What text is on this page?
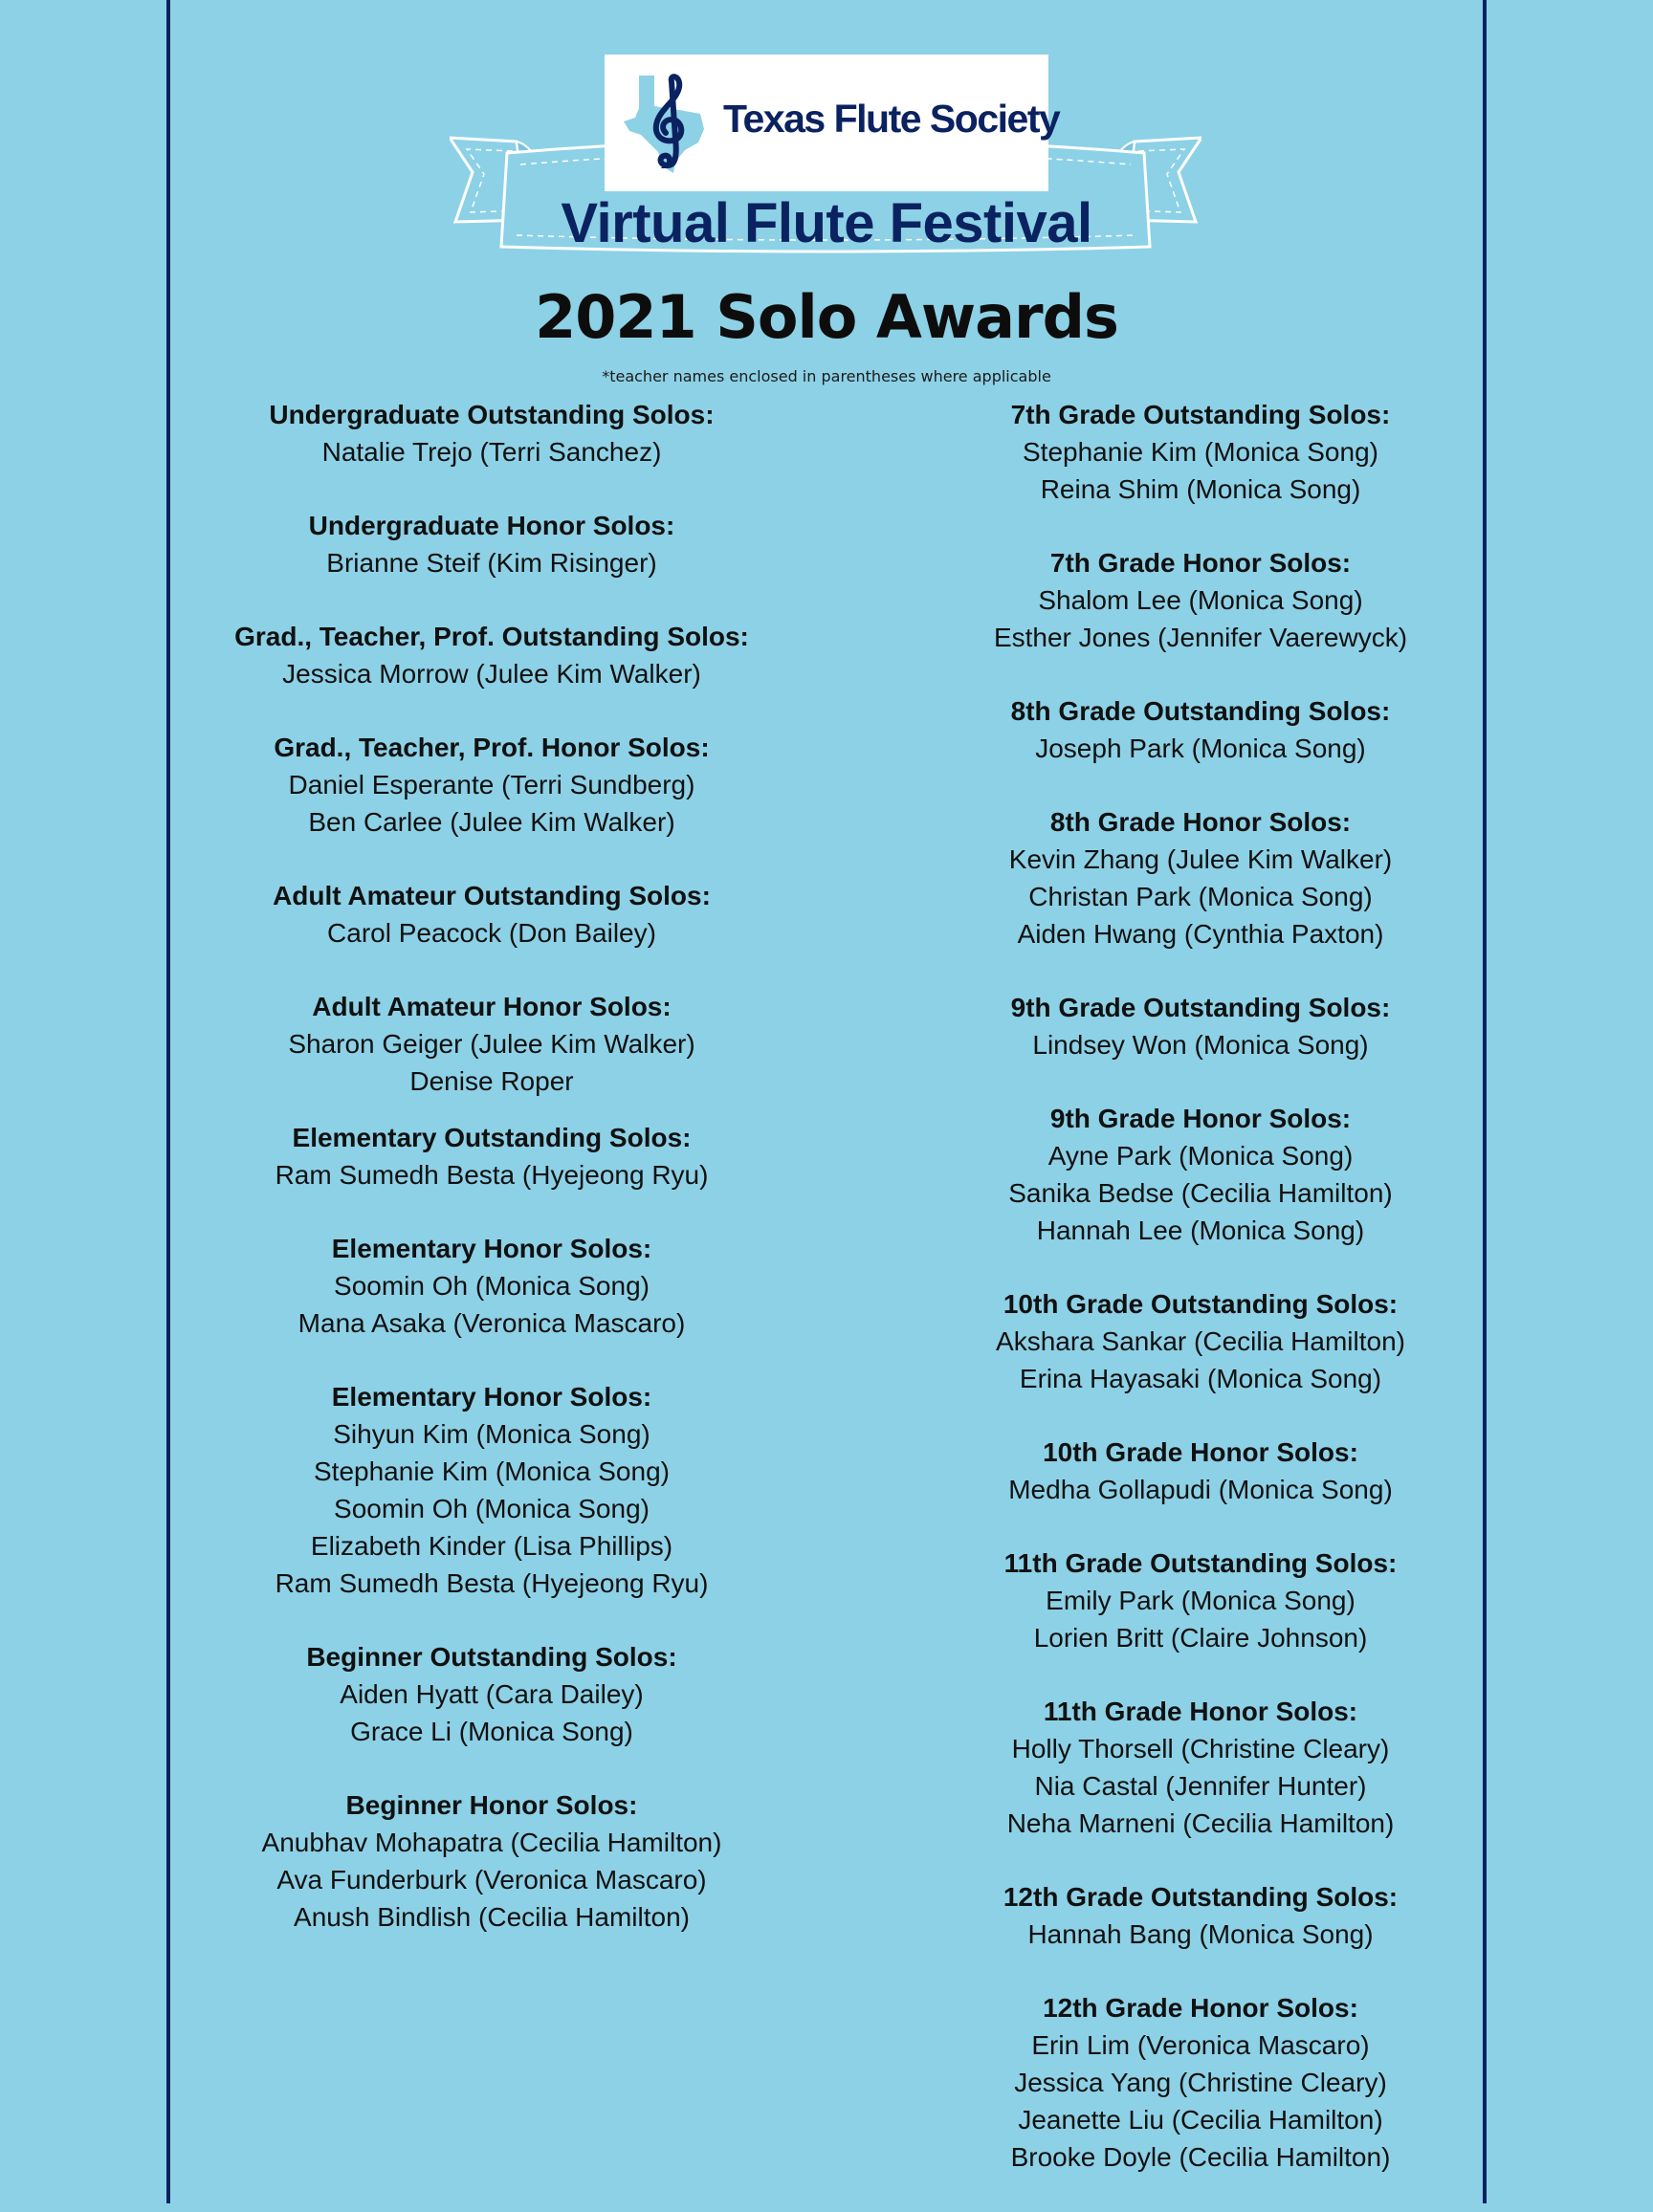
Texas Flute Society
Virtual Flute Festival
2021 Solo Awards
*teacher names enclosed in parentheses where applicable
Undergraduate Outstanding Solos:
Natalie Trejo (Terri Sanchez)
Undergraduate Honor Solos:
Brianne Steif (Kim Risinger)
Grad., Teacher, Prof. Outstanding Solos:
Jessica Morrow (Julee Kim Walker)
Grad., Teacher, Prof. Honor Solos:
Daniel Esperante (Terri Sundberg)
Ben Carlee (Julee Kim Walker)
Adult Amateur Outstanding Solos:
Carol Peacock (Don Bailey)
Adult Amateur Honor Solos:
Sharon Geiger (Julee Kim Walker)
Denise Roper
Elementary Outstanding Solos:
Ram Sumedh Besta (Hyejeong Ryu)
Elementary Honor Solos:
Soomin Oh (Monica Song)
Mana Asaka (Veronica Mascaro)
Elementary Honor Solos:
Sihyun Kim (Monica Song)
Stephanie Kim (Monica Song)
Soomin Oh (Monica Song)
Elizabeth Kinder (Lisa Phillips)
Ram Sumedh Besta (Hyejeong Ryu)
Beginner Outstanding Solos:
Aiden Hyatt (Cara Dailey)
Grace Li (Monica Song)
Beginner Honor Solos:
Anubhav Mohapatra (Cecilia Hamilton)
Ava Funderburk (Veronica Mascaro)
Anush Bindlish (Cecilia Hamilton)
7th Grade Outstanding Solos:
Stephanie Kim (Monica Song)
Reina Shim (Monica Song)
7th Grade Honor Solos:
Shalom Lee (Monica Song)
Esther Jones (Jennifer Vaerewyck)
8th Grade Outstanding Solos:
Joseph Park (Monica Song)
8th Grade Honor Solos:
Kevin Zhang (Julee Kim Walker)
Christan Park (Monica Song)
Aiden Hwang (Cynthia Paxton)
9th Grade Outstanding Solos:
Lindsey Won (Monica Song)
9th Grade Honor Solos:
Ayne Park (Monica Song)
Sanika Bedse (Cecilia Hamilton)
Hannah Lee (Monica Song)
10th Grade Outstanding Solos:
Akshara Sankar (Cecilia Hamilton)
Erina Hayasaki (Monica Song)
10th Grade Honor Solos:
Medha Gollapudi (Monica Song)
11th Grade Outstanding Solos:
Emily Park (Monica Song)
Lorien Britt (Claire Johnson)
11th Grade Honor Solos:
Holly Thorsell (Christine Cleary)
Nia Castal (Jennifer Hunter)
Neha Marneni (Cecilia Hamilton)
12th Grade Outstanding Solos:
Hannah Bang (Monica Song)
12th Grade Honor Solos:
Erin Lim (Veronica Mascaro)
Jessica Yang (Christine Cleary)
Jeanette Liu (Cecilia Hamilton)
Brooke Doyle (Cecilia Hamilton)
